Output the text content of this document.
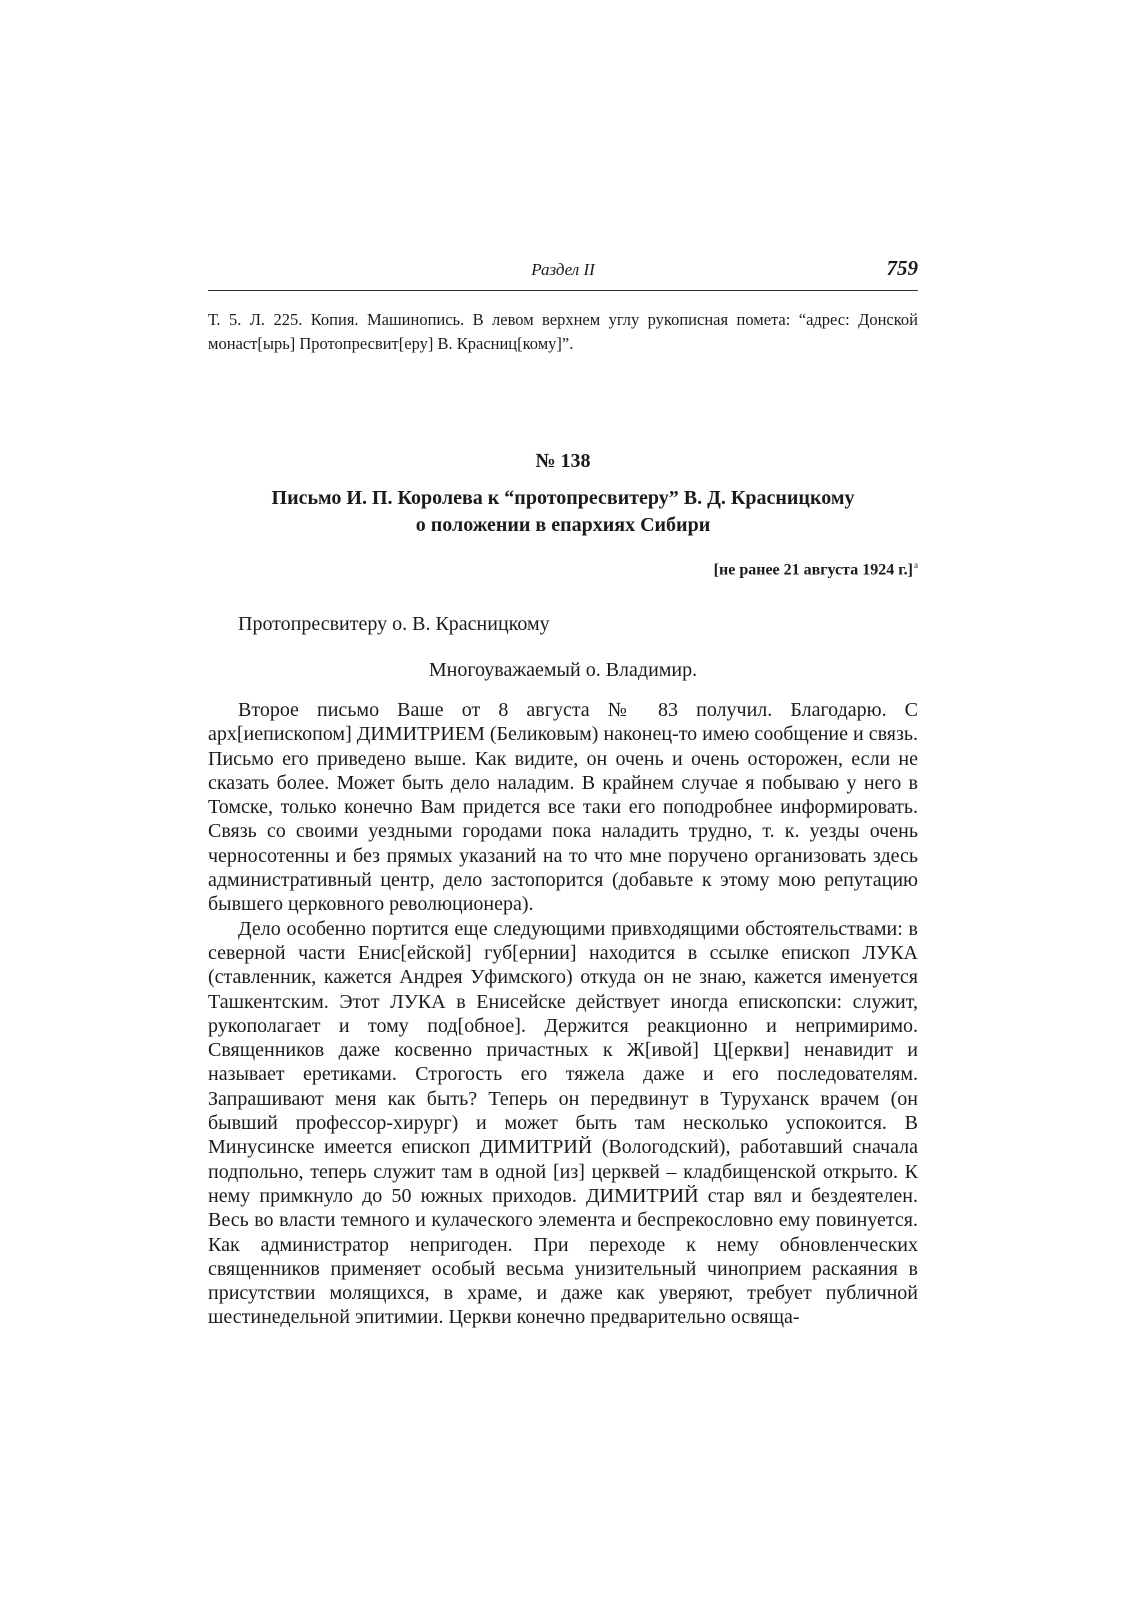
Раздел II	759
Т. 5. Л. 225. Копия. Машинопись. В левом верхнем углу рукописная помета: “адрес: Донской монаст[ырь] Протопресвит[еру] В. Красниц[кому]”.
№ 138
Письмо И. П. Королева к “протопресвитеру” В. Д. Красницкому
о положении в епархиях Сибири
[не ранее 21 августа 1924 г.]$^а$
Протопресвитеру о. В. Красницкому
Многоуважаемый о. Владимир.

Второе письмо Ваше от 8 августа № 83 получил. Благодарю. С арх[иепископом] ДИМИТРИЕМ (Беликовым) наконец-то имею сообщение и связь. Письмо его приведено выше. Как видите, он очень и очень осторожен, если не сказать более. Может быть дело наладим. В крайнем случае я побываю у него в Томске, только конечно Вам придется все таки его поподробнее информировать. Связь со своими уездными городами пока наладить трудно, т. к. уезды очень черносотенны и без прямых указаний на то что мне поручено организовать здесь административный центр, дело застопорится (добавьте к этому мою репутацию бывшего церковного революционера).

Дело особенно портится еще следующими привходящими обстоятельствами: в северной части Енис[ейской] губ[ернии] находится в ссылке епископ ЛУКА (ставленник, кажется Андрея Уфимского) откуда он не знаю, кажется именуется Ташкентским. Этот ЛУКА в Енисейске действует иногда епископски: служит, рукополагает и тому под[обное]. Держится реакционно и непримиримо. Священников даже косвенно причастных к Ж[ивой] Ц[еркви] ненавидит и называет еретиками. Строгость его тяжела даже и его последователям. Запрашивают меня как быть? Теперь он передвинут в Туруханск врачем (он бывший профессор-хирург) и может быть там несколько успокоится. В Минусинске имеется епископ ДИМИТРИЙ (Вологодский), работавший сначала подпольно, теперь служит там в одной [из] церквей – кладбищенской открыто. К нему примкнуло до 50 южных приходов. ДИМИТРИЙ стар вял и бездеятелен. Весь во власти темного и кулаческого элемента и беспрекословно ему повинуется. Как администратор непригоден. При переходе к нему обновленческих священников применяет особый весьма унизительный чиноприем раскаяния в присутствии молящихся, в храме, и даже как уверяют, требует публичной шестинедельной эпитимии. Церкви конечно предварительно освяща-
